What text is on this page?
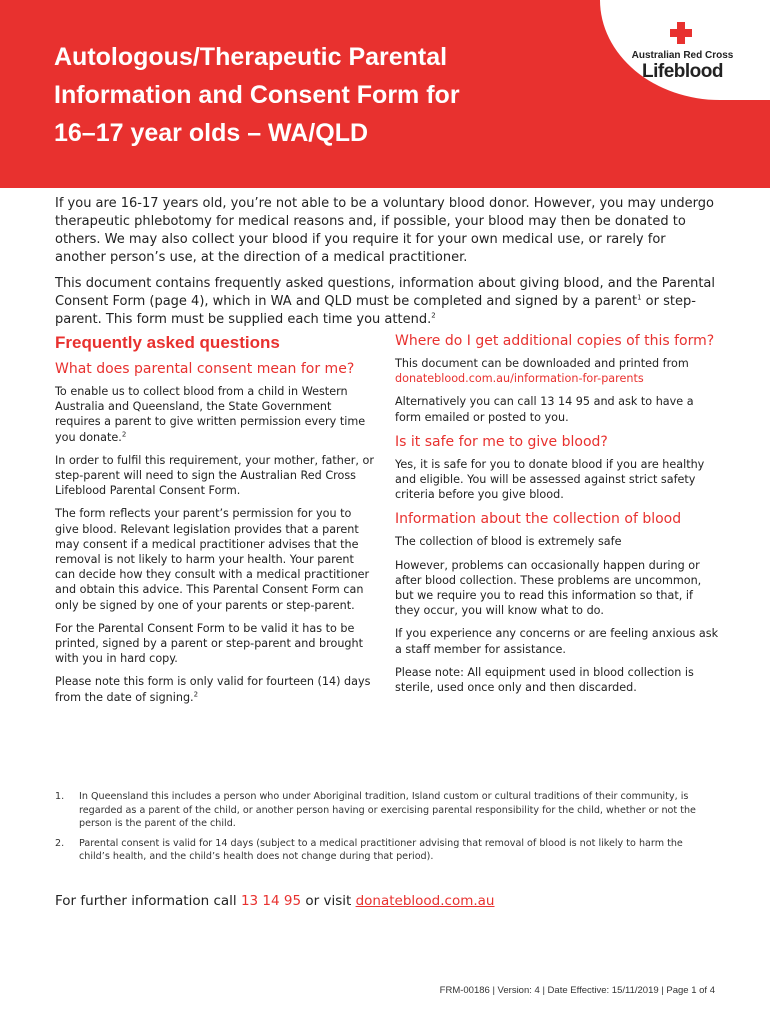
Australian Red Cross
Lifeblood
Autologous/Therapeutic Parental
Information and Consent Form for
16–17 year olds – WA/QLD

If you are 16-17 years old, you’re not able to be a voluntary blood donor. However, you may undergo therapeutic phlebotomy for medical reasons and, if possible, your blood may then be donated to others. We may also collect your blood if you require it for your own medical use, or rarely for another person’s use, at the direction of a medical practitioner.

This document contains frequently asked questions, information about giving blood, and the Parental Consent Form (page 4), which in WA and QLD must be completed and signed by a parent$^1$ or step-parent. This form must be supplied each time you attend.$^2$

Frequently asked questions
What does parental consent mean for me?

To enable us to collect blood from a child in Western Australia and Queensland, the State Government requires a parent to give written permission every time you donate.$^2$

In order to fulfil this requirement, your mother, father, or step-parent will need to sign the Australian Red Cross Lifeblood Parental Consent Form.

The form reflects your parent’s permission for you to give blood. Relevant legislation provides that a parent may consent if a medical practitioner advises that the removal is not likely to harm your health. Your parent can decide how they consult with a medical practitioner and obtain this advice. This Parental Consent Form can only be signed by one of your parents or step-parent.

For the Parental Consent Form to be valid it has to be printed, signed by a parent or step-parent and brought with you in hard copy.

Please note this form is only valid for fourteen (14) days from the date of signing.$^2$

Where do I get additional copies of this form?

This document can be downloaded and printed from donateblood.com.au/information-for-parents

Alternatively you can call 13 14 95 and ask to have a form emailed or posted to you.

Is it safe for me to give blood?

Yes, it is safe for you to donate blood if you are healthy and eligible. You will be assessed against strict safety criteria before you give blood.

Information about the collection of blood

The collection of blood is extremely safe

However, problems can occasionally happen during or after blood collection. These problems are uncommon, but we require you to read this information so that, if they occur, you will know what to do.

If you experience any concerns or are feeling anxious ask a staff member for assistance.

Please note: All equipment used in blood collection is sterile, used once only and then discarded.

1.	In Queensland this includes a person who under Aboriginal tradition, Island custom or cultural traditions of their community, is regarded as a parent of the child, or another person having or exercising parental responsibility for the child, whether or not the person is the parent of the child.
2.	Parental consent is valid for 14 days (subject to a medical practitioner advising that removal of blood is not likely to harm the child’s health, and the child’s health does not change during that period).
For further information call 13 14 95 or visit donateblood.com.au
FRM-00186 | Version: 4 | Date Effective: 15/11/2019 | Page 1 of 4
